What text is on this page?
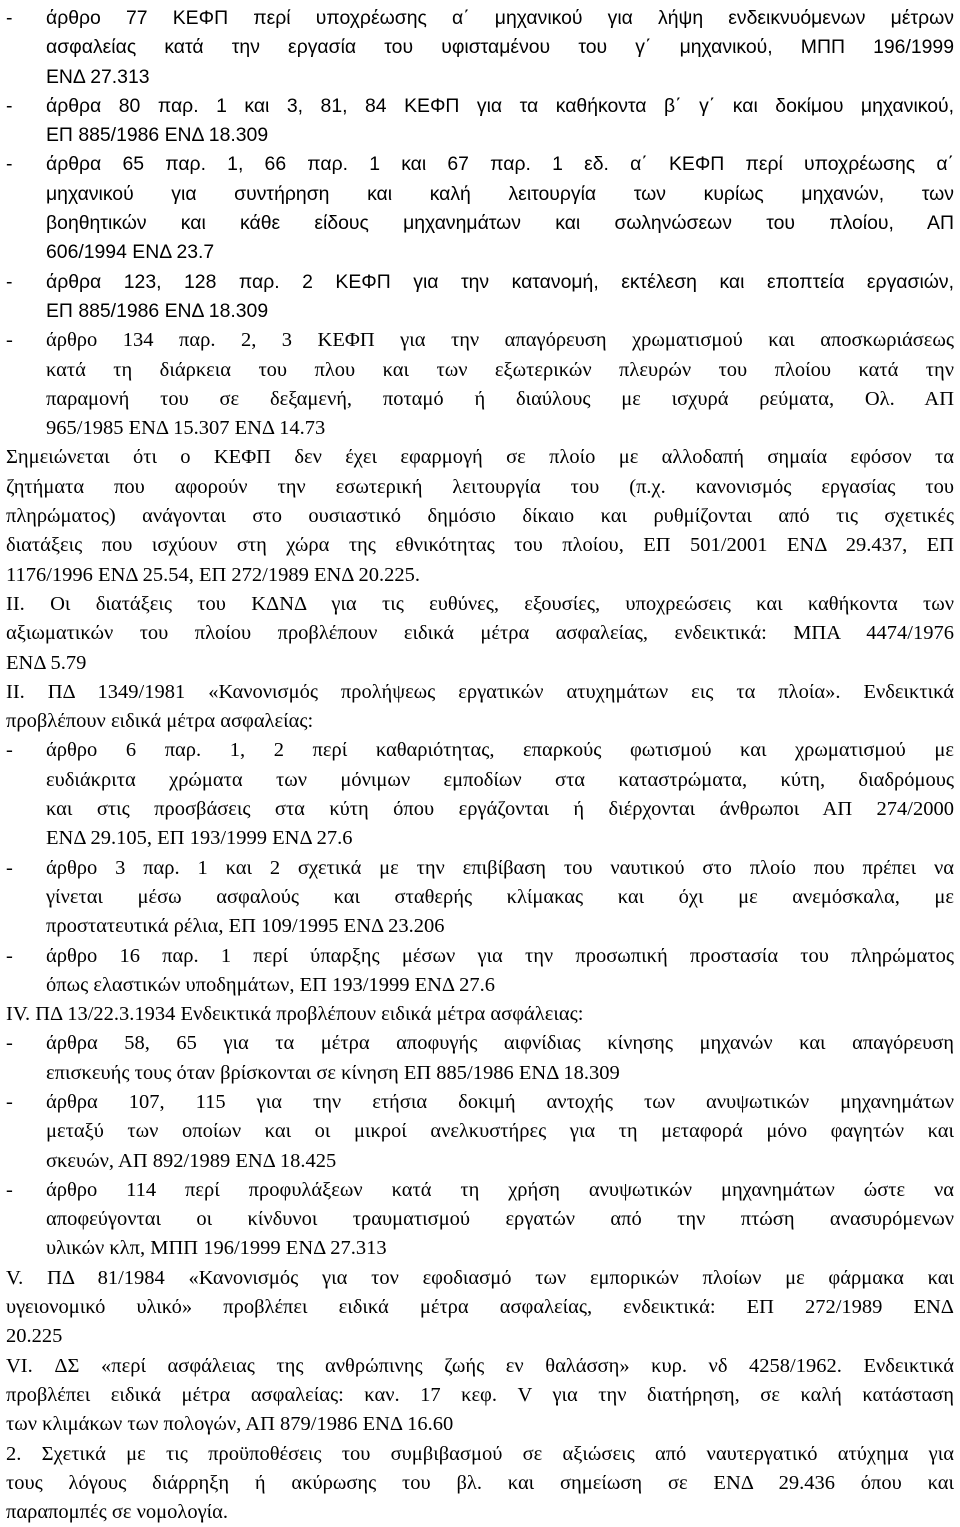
- άρθρο 77 ΚΕΦΠ περί υποχρέωσης α΄ μηχανικού για λήψη ενδεικνυόμενων μέτρων
ασφαλείας κατά την εργασία του υφισταμένου του γ΄ μηχανικού, ΜΠΠ 196/1999
ΕΝΔ 27.313
- άρθρα 80 παρ. 1 και 3, 81, 84 ΚΕΦΠ για τα καθήκοντα β΄ γ΄ και δοκίμου μηχανικού,
ΕΠ 885/1986 ΕΝΔ 18.309
- άρθρα 65 παρ. 1, 66 παρ. 1 και 67 παρ. 1 εδ. α΄ ΚΕΦΠ περί υποχρέωσης α΄
μηχανικού για συντήρηση και καλή λειτουργία των κυρίως μηχανών, των
βοηθητικών και κάθε είδους μηχανημάτων και σωληνώσεων του πλοίου, ΑΠ
606/1994 ΕΝΔ 23.7
- άρθρα 123, 128 παρ. 2 ΚΕΦΠ για την κατανομή, εκτέλεση και εποπτεία εργασιών,
ΕΠ 885/1986 ΕΝΔ 18.309
- άρθρο 134 παρ. 2, 3 ΚΕΦΠ για την απαγόρευση χρωματισμού και αποσκωριάσεως
κατά τη διάρκεια του πλου και των εξωτερικών πλευρών του πλοίου κατά την
παραμονή του σε δεξαμενή, ποταμό ή διαύλους με ισχυρά ρεύματα, Ολ. ΑΠ
965/1985 ΕΝΔ 15.307 ΕΝΔ 14.73
Σημειώνεται ότι ο ΚΕΦΠ δεν έχει εφαρμογή σε πλοίο με αλλοδαπή σημαία εφόσον τα
ζητήματα που αφορούν την εσωτερική λειτουργία του (π.χ. κανονισμός εργασίας του
πληρώματος) ανάγονται στο ουσιαστικό δημόσιο δίκαιο και ρυθμίζονται από τις σχετικές
διατάξεις που ισχύουν στη χώρα της εθνικότητας του πλοίου, ΕΠ 501/2001 ΕΝΔ 29.437, ΕΠ
1176/1996 ΕΝΔ 25.54, ΕΠ 272/1989 ΕΝΔ 20.225.
ΙΙ. Οι διατάξεις του ΚΔΝΔ για τις ευθύνες, εξουσίες, υποχρεώσεις και καθήκοντα των
αξιωματικών του πλοίου προβλέπουν ειδικά μέτρα ασφαλείας, ενδεικτικά: ΜΠΑ 4474/1976
ΕΝΔ 5.79
ΙΙ. ΠΔ 1349/1981 «Κανονισμός προλήψεως εργατικών ατυχημάτων εις τα πλοία». Ενδεικτικά
προβλέπουν ειδικά μέτρα ασφαλείας:
- άρθρο 6 παρ. 1, 2 περί καθαριότητας, επαρκούς φωτισμού και χρωματισμού με
ευδιάκριτα χρώματα των μόνιμων εμποδίων στα καταστρώματα, κύτη, διαδρόμους
και στις προσβάσεις στα κύτη όπου εργάζονται ή διέρχονται άνθρωποι ΑΠ 274/2000
ΕΝΔ 29.105, ΕΠ 193/1999 ΕΝΔ 27.6
- άρθρο 3 παρ. 1 και 2 σχετικά με την επιβίβαση του ναυτικού στο πλοίο που πρέπει να
γίνεται μέσω ασφαλούς και σταθερής κλίμακας και όχι με ανεμόσκαλα, με
προστατευτικά ρέλια, ΕΠ 109/1995 ΕΝΔ 23.206
- άρθρο 16 παρ. 1 περί ύπαρξης μέσων για την προσωπική προστασία του πληρώματος
όπως ελαστικών υποδημάτων, ΕΠ 193/1999 ΕΝΔ 27.6
IV. ΠΔ 13/22.3.1934 Ενδεικτικά προβλέπουν ειδικά μέτρα ασφάλειας:
- άρθρα 58, 65 για τα μέτρα αποφυγής αιφνίδιας κίνησης μηχανών και απαγόρευση
επισκευής τους όταν βρίσκονται σε κίνηση ΕΠ 885/1986 ΕΝΔ 18.309
- άρθρα 107, 115 για την ετήσια δοκιμή αντοχής των ανυψωτικών μηχανημάτων
μεταξύ των οποίων και οι μικροί ανελκυστήρες για τη μεταφορά μόνο φαγητών και
σκευών, ΑΠ 892/1989 ΕΝΔ 18.425
- άρθρο 114 περί προφυλάξεων κατά τη χρήση ανυψωτικών μηχανημάτων ώστε να
αποφεύγονται οι κίνδυνοι τραυματισμού εργατών από την πτώση ανασυρόμενων
υλικών κλπ, ΜΠΠ 196/1999 ΕΝΔ 27.313
V. ΠΔ 81/1984 «Κανονισμός για τον εφοδιασμό των εμπορικών πλοίων με φάρμακα και
υγειονομικό υλικό» προβλέπει ειδικά μέτρα ασφαλείας, ενδεικτικά: ΕΠ 272/1989 ΕΝΔ
20.225
VI. ΔΣ «περί ασφάλειας της ανθρώπινης ζωής εν θαλάσση» κυρ. νδ 4258/1962. Ενδεικτικά
προβλέπει ειδικά μέτρα ασφαλείας: καν. 17 κεφ. V για την διατήρηση, σε καλή κατάσταση
των κλιμάκων των πολογών, ΑΠ 879/1986 ΕΝΔ 16.60
2. Σχετικά με τις προϋποθέσεις του συμβιβασμού σε αξιώσεις από ναυτεργατικό ατύχημα για
τους λόγους διάρρηξη ή ακύρωσης του βλ. και σημείωση σε ΕΝΔ 29.436 όπου και
παραπομπές σε νομολογία.
